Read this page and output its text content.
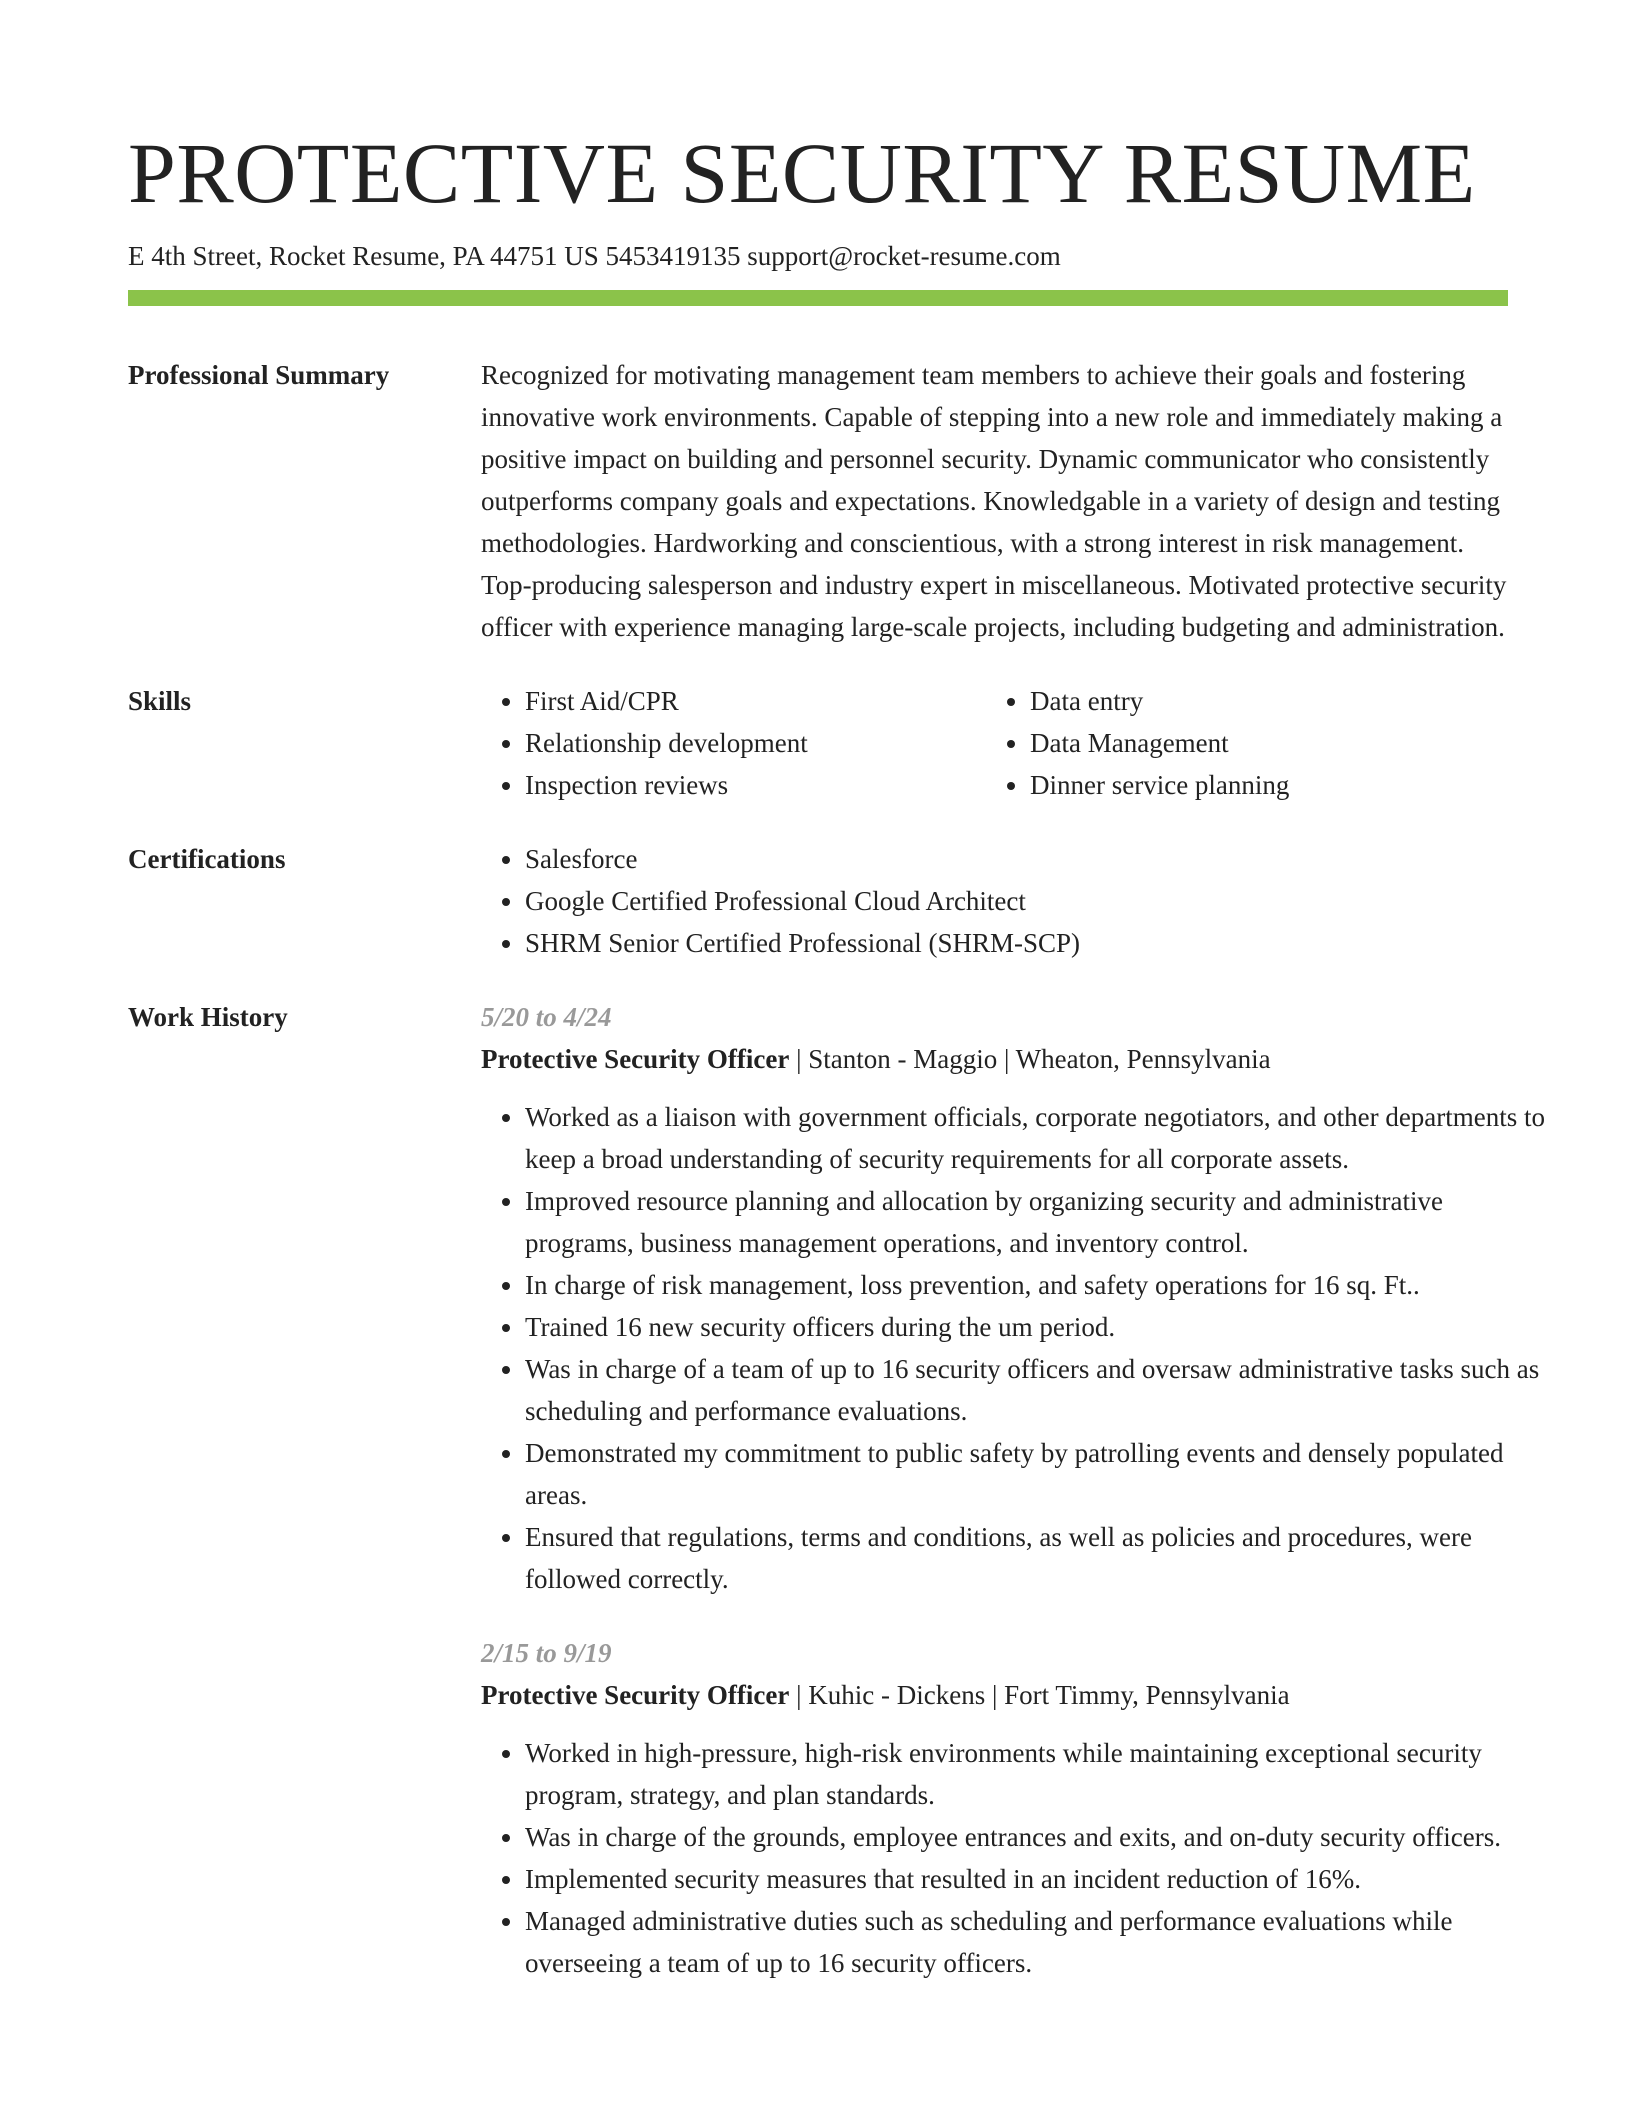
PROTECTIVE SECURITY RESUME
E 4th Street, Rocket Resume, PA 44751 US 5453419135 support@rocket-resume.com
Professional Summary	Recognized for motivating management team members to achieve their goals and fostering innovative work environments. Capable of stepping into a new role and immediately making a positive impact on building and personnel security. Dynamic communicator who consistently outperforms company goals and expectations. Knowledgable in a variety of design and testing methodologies. Hardworking and conscientious, with a strong interest in risk management. Top-producing salesperson and industry expert in miscellaneous. Motivated protective security officer with experience managing large-scale projects, including budgeting and administration.

Skills	• First Aid/CPR
• Relationship development
• Inspection reviews
• Data entry
• Data Management
• Dinner service planning
Certifications	• Salesforce
• Google Certified Professional Cloud Architect
• SHRM Senior Certified Professional (SHRM-SCP)
Work History	5/20 to 4/24
Protective Security Officer | Stanton - Maggio | Wheaton, Pennsylvania
• Worked as a liaison with government officials, corporate negotiators, and other departments to keep a broad understanding of security requirements for all corporate assets.
• Improved resource planning and allocation by organizing security and administrative programs, business management operations, and inventory control.
• In charge of risk management, loss prevention, and safety operations for 16 sq. Ft..
• Trained 16 new security officers during the um period.
• Was in charge of a team of up to 16 security officers and oversaw administrative tasks such as scheduling and performance evaluations.
• Demonstrated my commitment to public safety by patrolling events and densely populated areas.
• Ensured that regulations, terms and conditions, as well as policies and procedures, were followed correctly.
2/15 to 9/19
Protective Security Officer | Kuhic - Dickens | Fort Timmy, Pennsylvania
• Worked in high-pressure, high-risk environments while maintaining exceptional security program, strategy, and plan standards.
• Was in charge of the grounds, employee entrances and exits, and on-duty security officers.
• Implemented security measures that resulted in an incident reduction of 16%.
• Managed administrative duties such as scheduling and performance evaluations while overseeing a team of up to 16 security officers.
